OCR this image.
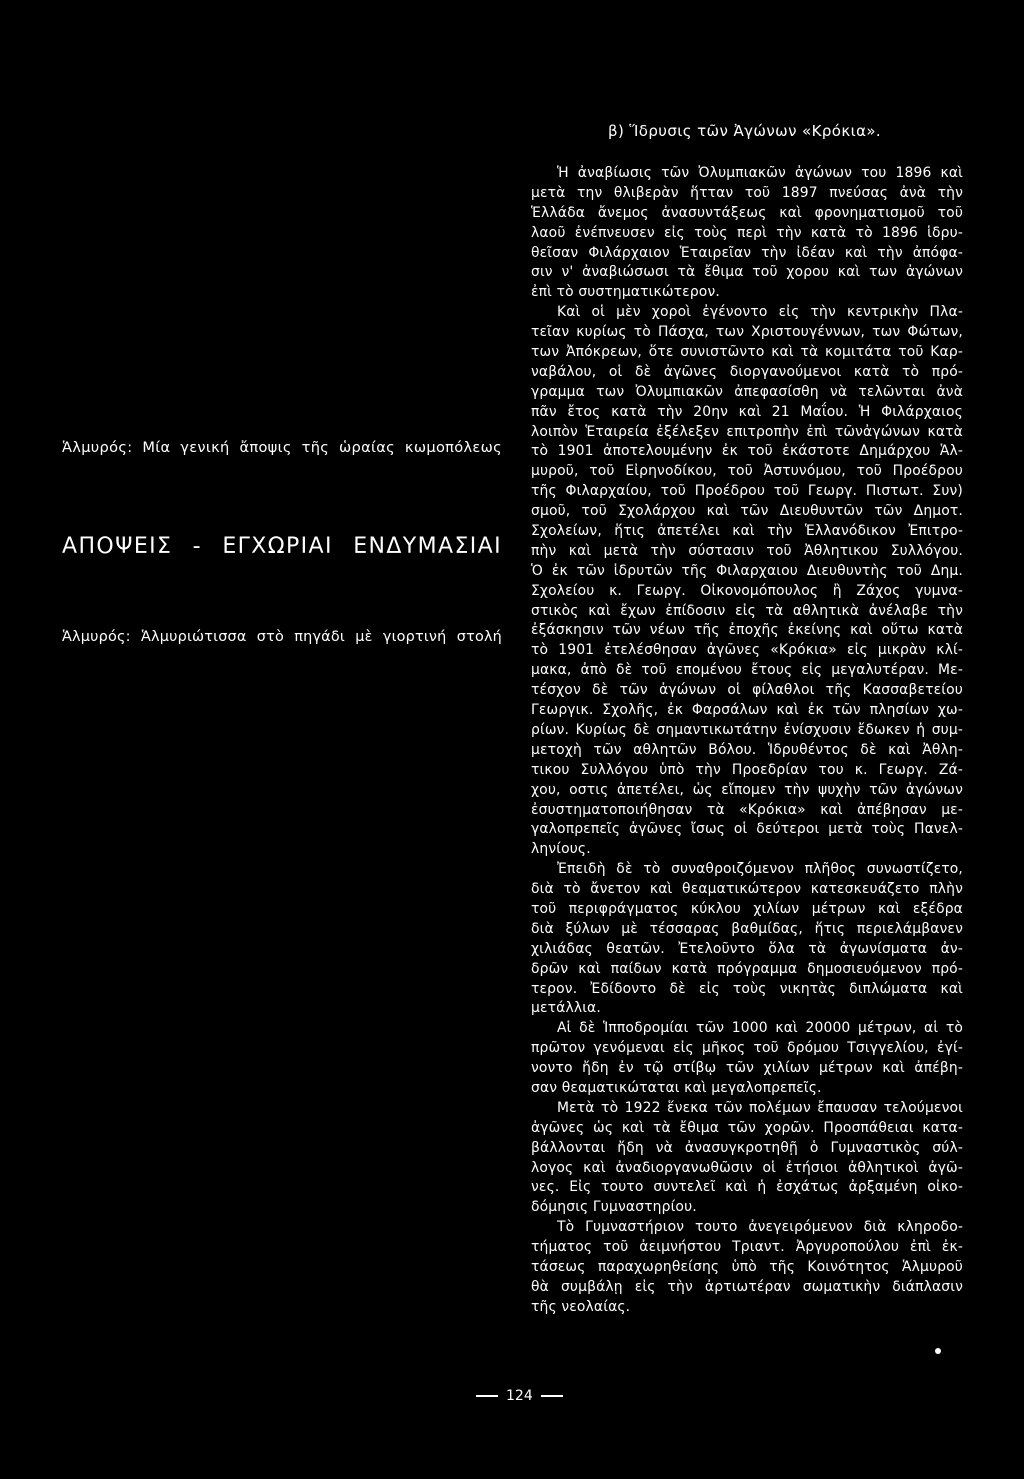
β) Ἵδρυσις τῶν Ἀγώνων «Κρόκια».
Ἁλμυρός: Μία γενική ἄποψις τῆς ὡραίας κωμοπόλεως
ΑΠΟΨΕΙΣ - ΕΓΧΩΡΙΑΙ ΕΝΔΥΜΑΣΙΑΙ
Ἁλμυρός: Ἁλμυριώτισσα στὸ πηγάδι μὲ γιορτινή στολή
Ἡ ἀναβίωσις τῶν Ὀλυμπιακῶν ἀγώνων του 1896 καὶ
μετὰ την θλιβερὰν ἥτταν τοῦ 1897 πνεύσας ἀνὰ τὴν
Ἑλλάδα ἄνεμος ἀνασυντάξεως καὶ φρονηματισμοῦ τοῦ
λαοῦ ἐνέπνευσεν εἰς τοὺς περὶ τὴν κατὰ τὸ 1896 ἱδρυ-
θεῖσαν Φιλάρχαιον Ἑταιρεῖαν τὴν ἰδέαν καὶ τὴν ἀπόφα-
σιν ν' ἀναβιώσωσι τὰ ἔθιμα τοῦ χορου καὶ των ἀγώνων
ἐπὶ τὸ συστηματικώτερον.
Καὶ οἱ μὲν χοροὶ ἐγένοντο εἰς τὴν κεντρικὴν Πλα-
τεῖαν κυρίως τὸ Πάσχα, των Χριστουγέννων, των Φώτων,
των Ἀπόκρεων, ὅτε συνιστῶντο καὶ τὰ κομιτάτα τοῦ Καρ-
ναβάλου, οἱ δὲ ἀγῶνες διοργανούμενοι κατὰ τὸ πρό-
γραμμα των Ὀλυμπιακῶν ἀπεφασίσθη νὰ τελῶνται ἀνὰ
πᾶν ἔτος κατὰ τὴν 20ην καὶ 21 Μαΐου. Ἡ Φιλάρχαιος
λοιπὸν Ἑταιρεία ἐξέλεξεν επιτροπὴν ἐπὶ τῶνἀγώνων κατὰ
τὸ 1901 ἀποτελουμένην ἐκ τοῦ ἑκάστοτε Δημάρχου Ἁλ-
μυροῦ, τοῦ Εἰρηνοδίκου, τοῦ Ἀστυνόμου, τοῦ Προέδρου
τῆς Φιλαρχαίου, τοῦ Προέδρου τοῦ Γεωργ. Πιστωτ. Συν)
σμοῦ, τοῦ Σχολάρχου καὶ τῶν Διευθυντῶν τῶν Δημοτ.
Σχολείων, ἥτις ἀπετέλει καὶ τὴν Ἑλλανόδικον Ἐπιτρο-
πὴν καὶ μετὰ τὴν σύστασιν τοῦ Ἀθλητικου Συλλόγου.
Ὁ ἐκ τῶν ἱδρυτῶν τῆς Φιλαρχαιου Διευθυντὴς τοῦ Δημ.
Σχολείου κ. Γεωργ. Οἰκονομόπουλος ἢ Ζάχος γυμνα-
στικὸς καὶ ἔχων ἐπίδοσιν εἰς τὰ αθλητικὰ ἀνέλαβε τὴν
ἐξάσκησιν τῶν νέων τῆς ἐποχῆς ἐκείνης καὶ οὕτω κατὰ
τὸ 1901 ἐτελέσθησαν ἀγῶνες «Κρόκια» εἰς μικρὰν κλί-
μακα, ἀπὸ δὲ τοῦ επομένου ἔτους εἰς μεγαλυτέραν. Με-
τέσχον δὲ τῶν ἀγώνων οἱ φίλαθλοι τῆς Κασσαβετείου
Γεωργικ. Σχολῆς, ἐκ Φαρσάλων καὶ ἐκ τῶν πλησίων χω-
ρίων. Κυρίως δὲ σημαντικωτάτην ἐνίσχυσιν ἔδωκεν ἡ συμ-
μετοχὴ τῶν αθλητῶν Βόλου. Ἱδρυθέντος δὲ καὶ Ἀθλη-
τικου Συλλόγου ὑπὸ τὴν Προεδρίαν του κ. Γεωργ. Ζά-
χου, οστις ἀπετέλει, ὡς εἴπομεν τὴν ψυχὴν τῶν ἀγώνων
ἐσυστηματοποιήθησαν τὰ «Κρόκια» καὶ ἀπέβησαν με-
γαλοπρεπεῖς ἀγῶνες ἴσως οἱ δεύτεροι μετὰ τοὺς Πανελ-
ληνίους.
Ἐπειδὴ δὲ τὸ συναθροιζόμενον πλῆθος συνωστίζετο,
διὰ τὸ ἄνετον καὶ θεαματικώτερον κατεσκευάζετο πλὴν
τοῦ περιφράγματος κύκλου χιλίων μέτρων καὶ εξέδρα
διὰ ξύλων μὲ τέσσαρας βαθμίδας, ἥτις περιελάμβανεν
χιλιάδας θεατῶν. Ἐτελοῦντο ὅλα τὰ ἀγωνίσματα ἀν-
δρῶν καὶ παίδων κατὰ πρόγραμμα δημοσιευόμενον πρό-
τερον. Ἐδίδοντο δὲ εἰς τοὺς νικητὰς διπλώματα καὶ
μετάλλια.
Αἱ δὲ Ἱπποδρομίαι τῶν 1000 καὶ 20000 μέτρων, αἱ τὸ
πρῶτον γενόμεναι εἰς μῆκος τοῦ δρόμου Τσιγγελίου, ἐγί-
νοντο ἤδη ἐν τῷ στίβῳ τῶν χιλίων μέτρων καὶ ἀπέβη-
σαν θεαματικώταται καὶ μεγαλοπρεπεῖς.
Μετὰ τὸ 1922 ἕνεκα τῶν πολέμων ἔπαυσαν τελούμενοι
ἀγῶνες ὡς καὶ τὰ ἔθιμα τῶν χορῶν. Προσπάθειαι κατα-
βάλλονται ἤδη νὰ ἀνασυγκροτηθῇ ὁ Γυμναστικὸς σύλ-
λογος καὶ ἀναδιοργανωθῶσιν οἱ ἐτήσιοι ἀθλητικοὶ ἀγῶ-
νες. Εἰς τουτο συντελεῖ καὶ ἡ ἐσχάτως ἀρξαμένη οἰκο-
δόμησις Γυμναστηρίου.
Τὸ Γυμναστήριον τουτο ἀνεγειρόμενον διὰ κληροδο-
τήματος τοῦ ἀειμνήστου Τριαντ. Ἀργυροπούλου ἐπὶ ἐκ-
τάσεως παραχωρηθείσης ὑπὸ τῆς Κοινότητος Ἁλμυροῦ
θὰ συμβάλῃ εἰς τὴν ἀρτιωτέραν σωματικὴν διάπλασιν
τῆς νεολαίας.
124
